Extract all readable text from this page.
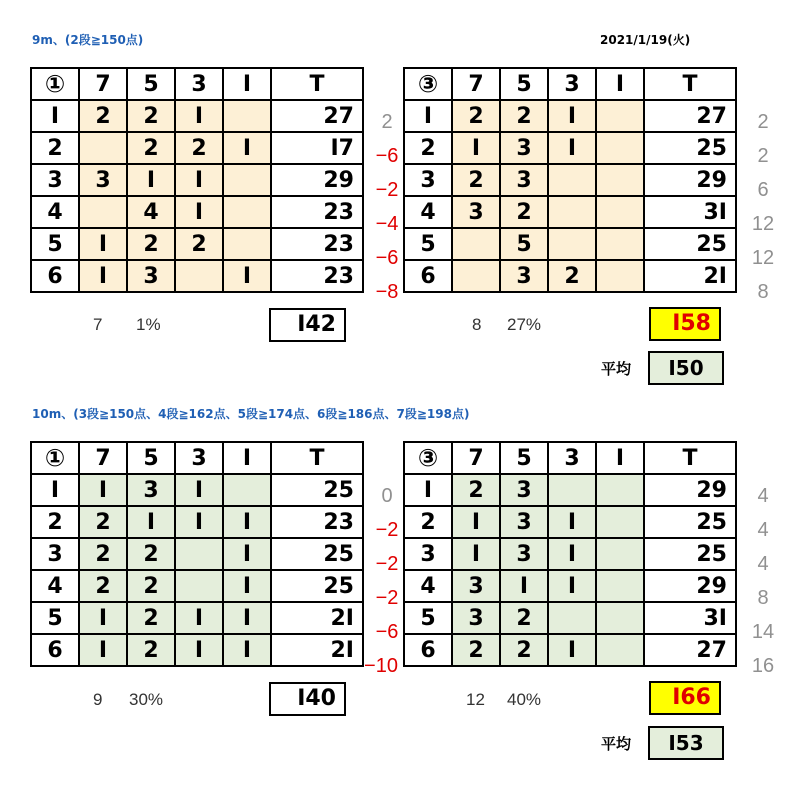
2021/1/19(火)
9m、(2段≧150点)
①	7	5	3	I	T
I	2	2	I		27
2		2	2	I	I7
3	3	I	I		29
4		4	I		23
5	I	2	2		23
6	I	3		I	23
2
−6
−2
−4
−6
−8
7 1%	I42
③	7	5	3	I	T
I	2	2	I		27
2	I	3	I		25
3	2	3			29
4	3	2			3I
5		5			25
6		3	2		2I
2
2
6
12
12
8
8 27%	I58
平均	I50
10m、(3段≧150点、4段≧162点、5段≧174点、6段≧186点、7段≧198点)
①	7	5	3	I	T
I	I	3	I		25
2	2	I	I	I	23
3	2	2		I	25
4	2	2		I	25
5	I	2	I	I	2I
6	I	2	I	I	2I
0
−2
−2
−2
−6
−10
9 30%	I40
③	7	5	3	I	T
I	2	3			29
2	I	3	I		25
3	I	3	I		25
4	3	I	I		29
5	3	2			3I
6	2	2	I		27
4
4
4
8
14
16
12 40%	I66
平均	I53
